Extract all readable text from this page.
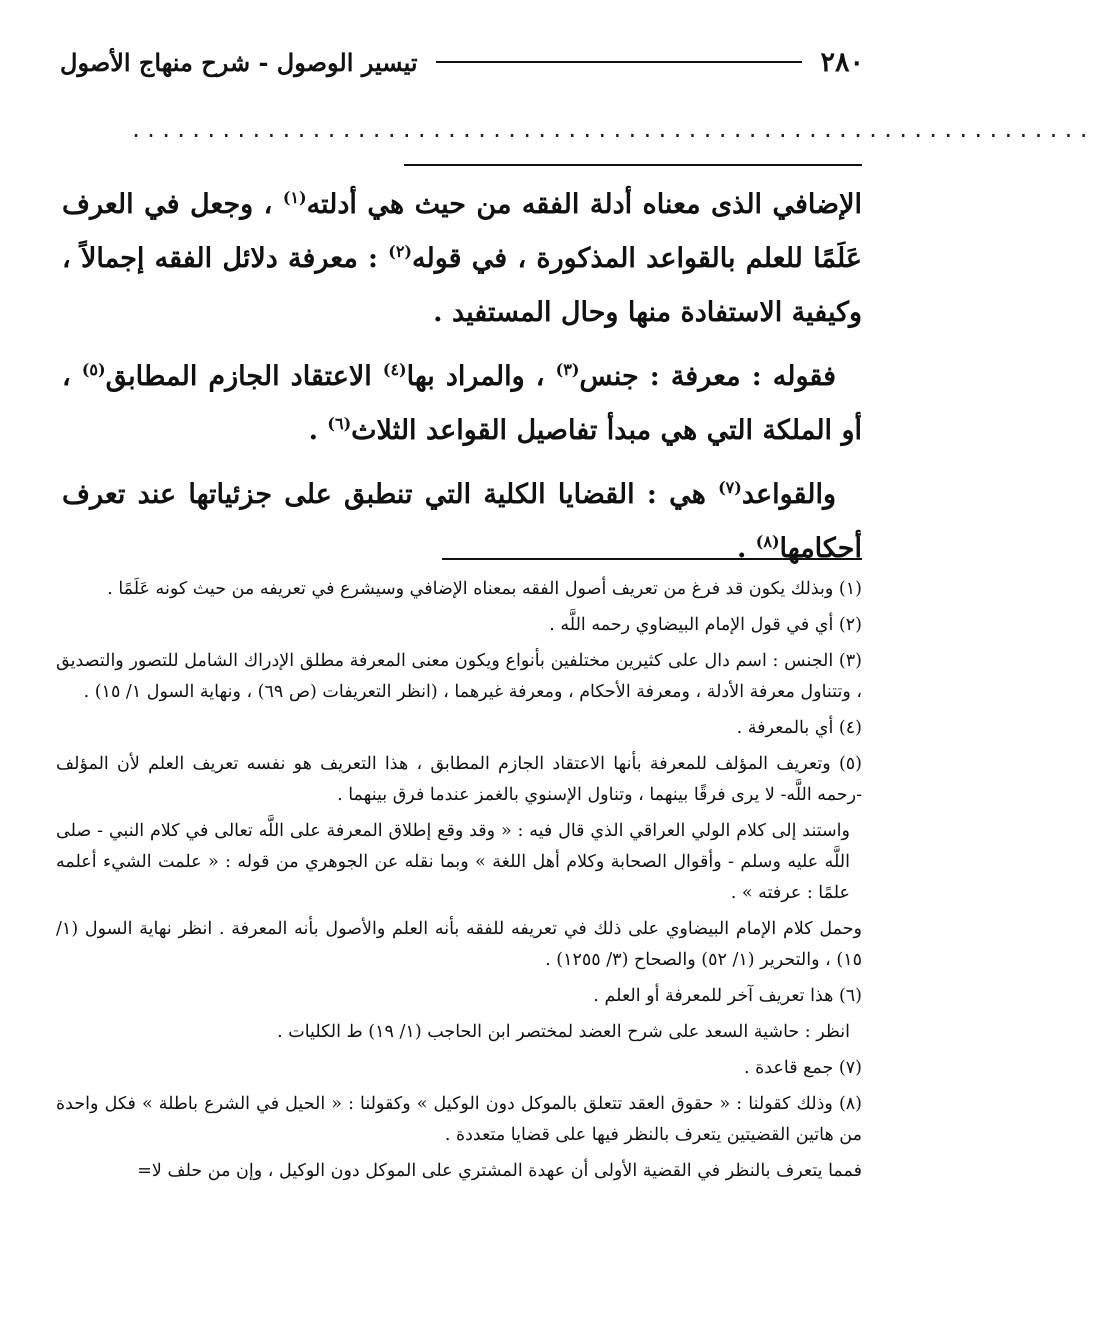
٢٨٠
تيسير الوصول - شرح منهاج الأصول
................................................................

الإضافي الذى معناه أدلة الفقه من حيث هي أدلته$^{(١)}$ ، وجعل في العرف عَلَمًا للعلم بالقواعد المذكورة ، في قوله$^{(٢)}$ : معرفة دلائل الفقه إجمالاً ، وكيفية الاستفادة منها وحال المستفيد .

فقوله : معرفة : جنس$^{(٣)}$ ، والمراد بها$^{(٤)}$ الاعتقاد الجازم المطابق$^{(٥)}$ ، أو الملكة التي هي مبدأ تفاصيل القواعد الثلاث$^{(٦)}$ .

والقواعد$^{(٧)}$ هي : القضايا الكلية التي تنطبق على جزئياتها عند تعرف أحكامها$^{(٨)}$ .

(١) وبذلك يكون قد فرغ من تعريف أصول الفقه بمعناه الإضافي وسيشرع في تعريفه من حيث كونه عَلَمًا .

(٢) أي في قول الإمام البيضاوي رحمه اللَّه .

(٣) الجنس : اسم دال على كثيرين مختلفين بأنواع ويكون معنى المعرفة مطلق الإدراك الشامل للتصور والتصديق ، وتتناول معرفة الأدلة ، ومعرفة الأحكام ، ومعرفة غيرهما ، (انظر التعريفات (ص ٦٩) ، ونهاية السول ١/ ١٥) .

(٤) أي بالمعرفة .

(٥) وتعريف المؤلف للمعرفة بأنها الاعتقاد الجازم المطابق ، هذا التعريف هو نفسه تعريف العلم لأن المؤلف -رحمه اللَّه- لا يرى فرقًا بينهما ، وتناول الإسنوي بالغمز عندما فرق بينهما .

واستند إلى كلام الولي العراقي الذي قال فيه : « وقد وقع إطلاق المعرفة على اللَّه تعالى في كلام النبي - صلى اللَّه عليه وسلم - وأقوال الصحابة وكلام أهل اللغة » وبما نقله عن الجوهري من قوله : « علمت الشيء أعلمه علمًا : عرفته » .

وحمل كلام الإمام البيضاوي على ذلك في تعريفه للفقه بأنه العلم والأصول بأنه المعرفة . انظر نهاية السول (١/ ١٥) ، والتحرير (١/ ٥٢) والصحاح (٣/ ١٢٥٥) .

(٦) هذا تعريف آخر للمعرفة أو العلم .

انظر : حاشية السعد على شرح العضد لمختصر ابن الحاجب (١/ ١٩) ط الكليات .

(٧) جمع قاعدة .

(٨) وذلك كقولنا : « حقوق العقد تتعلق بالموكل دون الوكيل » وكقولنا : « الحيل في الشرع باطلة » فكل واحدة من هاتين القضيتين يتعرف بالنظر فيها على قضايا متعددة .

فمما يتعرف بالنظر في القضية الأولى أن عهدة المشتري على الموكل دون الوكيل ، وإن من حلف لا=
